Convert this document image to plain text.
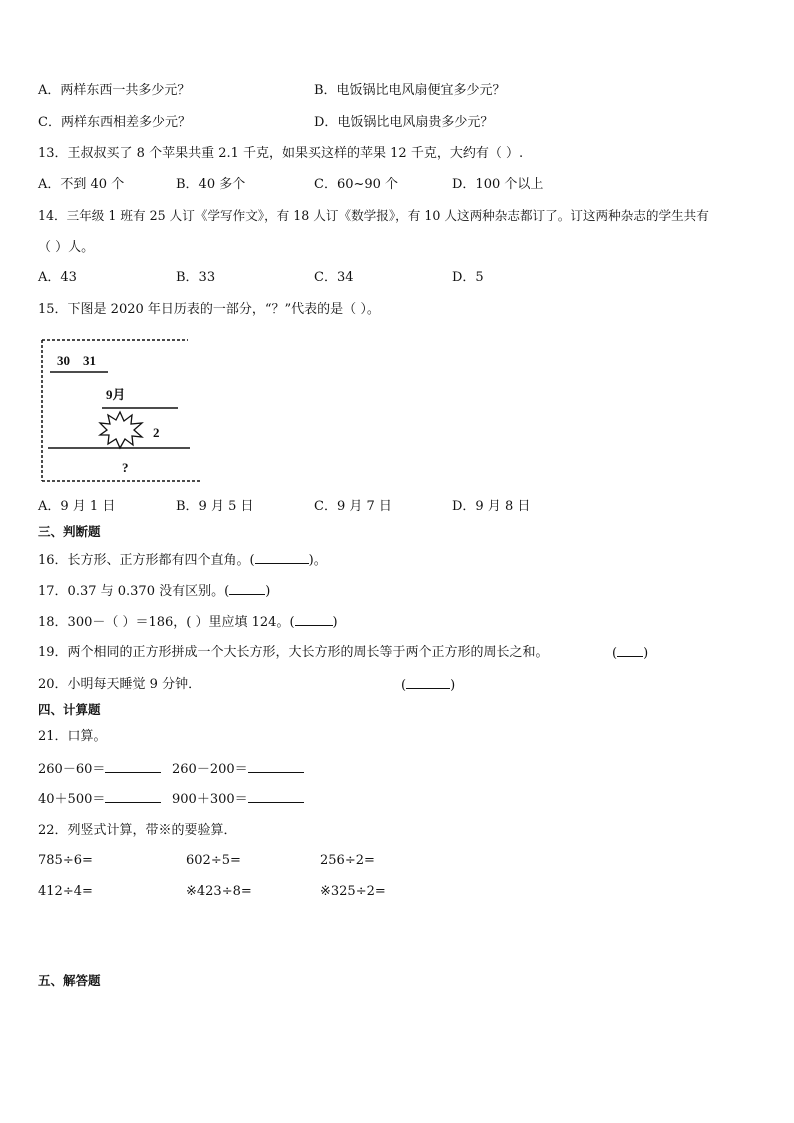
A．两样东西一共多少元？	B．电饭锅比电风扇便宜多少元？
C．两样东西相差多少元？	D．电饭锅比电风扇贵多少元？
13．王叔叔买了 8 个苹果共重 2.1 千克，如果买这样的苹果 12 千克，大约有（ ）.
A．不到 40 个	B．40 多个	C．60~90 个	D．100 个以上
14．三年级 1 班有 25 人订《学写作文》，有 18 人订《数学报》，有 10 人这两种杂志都订了。订这两种杂志的学生共有
（ ）人。
A．43	B．33	C．34	D．5
15．下图是 2020 年日历表的一部分，“？”代表的是（ ）。
30　31
9月
2
?
A．9 月 1 日	B．9 月 5 日	C．9 月 7 日	D．9 月 8 日
三、判断题
16．长方形、正方形都有四个直角。(	)。
17．0.37 与 0.370 没有区别。(	)
18．300－（ ）＝186，( ）里应填 124。(	)
19．两个相同的正方形拼成一个大长方形，大长方形的周长等于两个正方形的周长之和。	( )
20．小明每天睡觉 9 分钟．	(	)
四、计算题
21．口算。
260－60＝	260－200＝
40＋500＝	900＋300＝
22．列竖式计算，带※的要验算．
785÷6=	602÷5=	256÷2=
412÷4=	※423÷8=	※325÷2=
五、解答题
